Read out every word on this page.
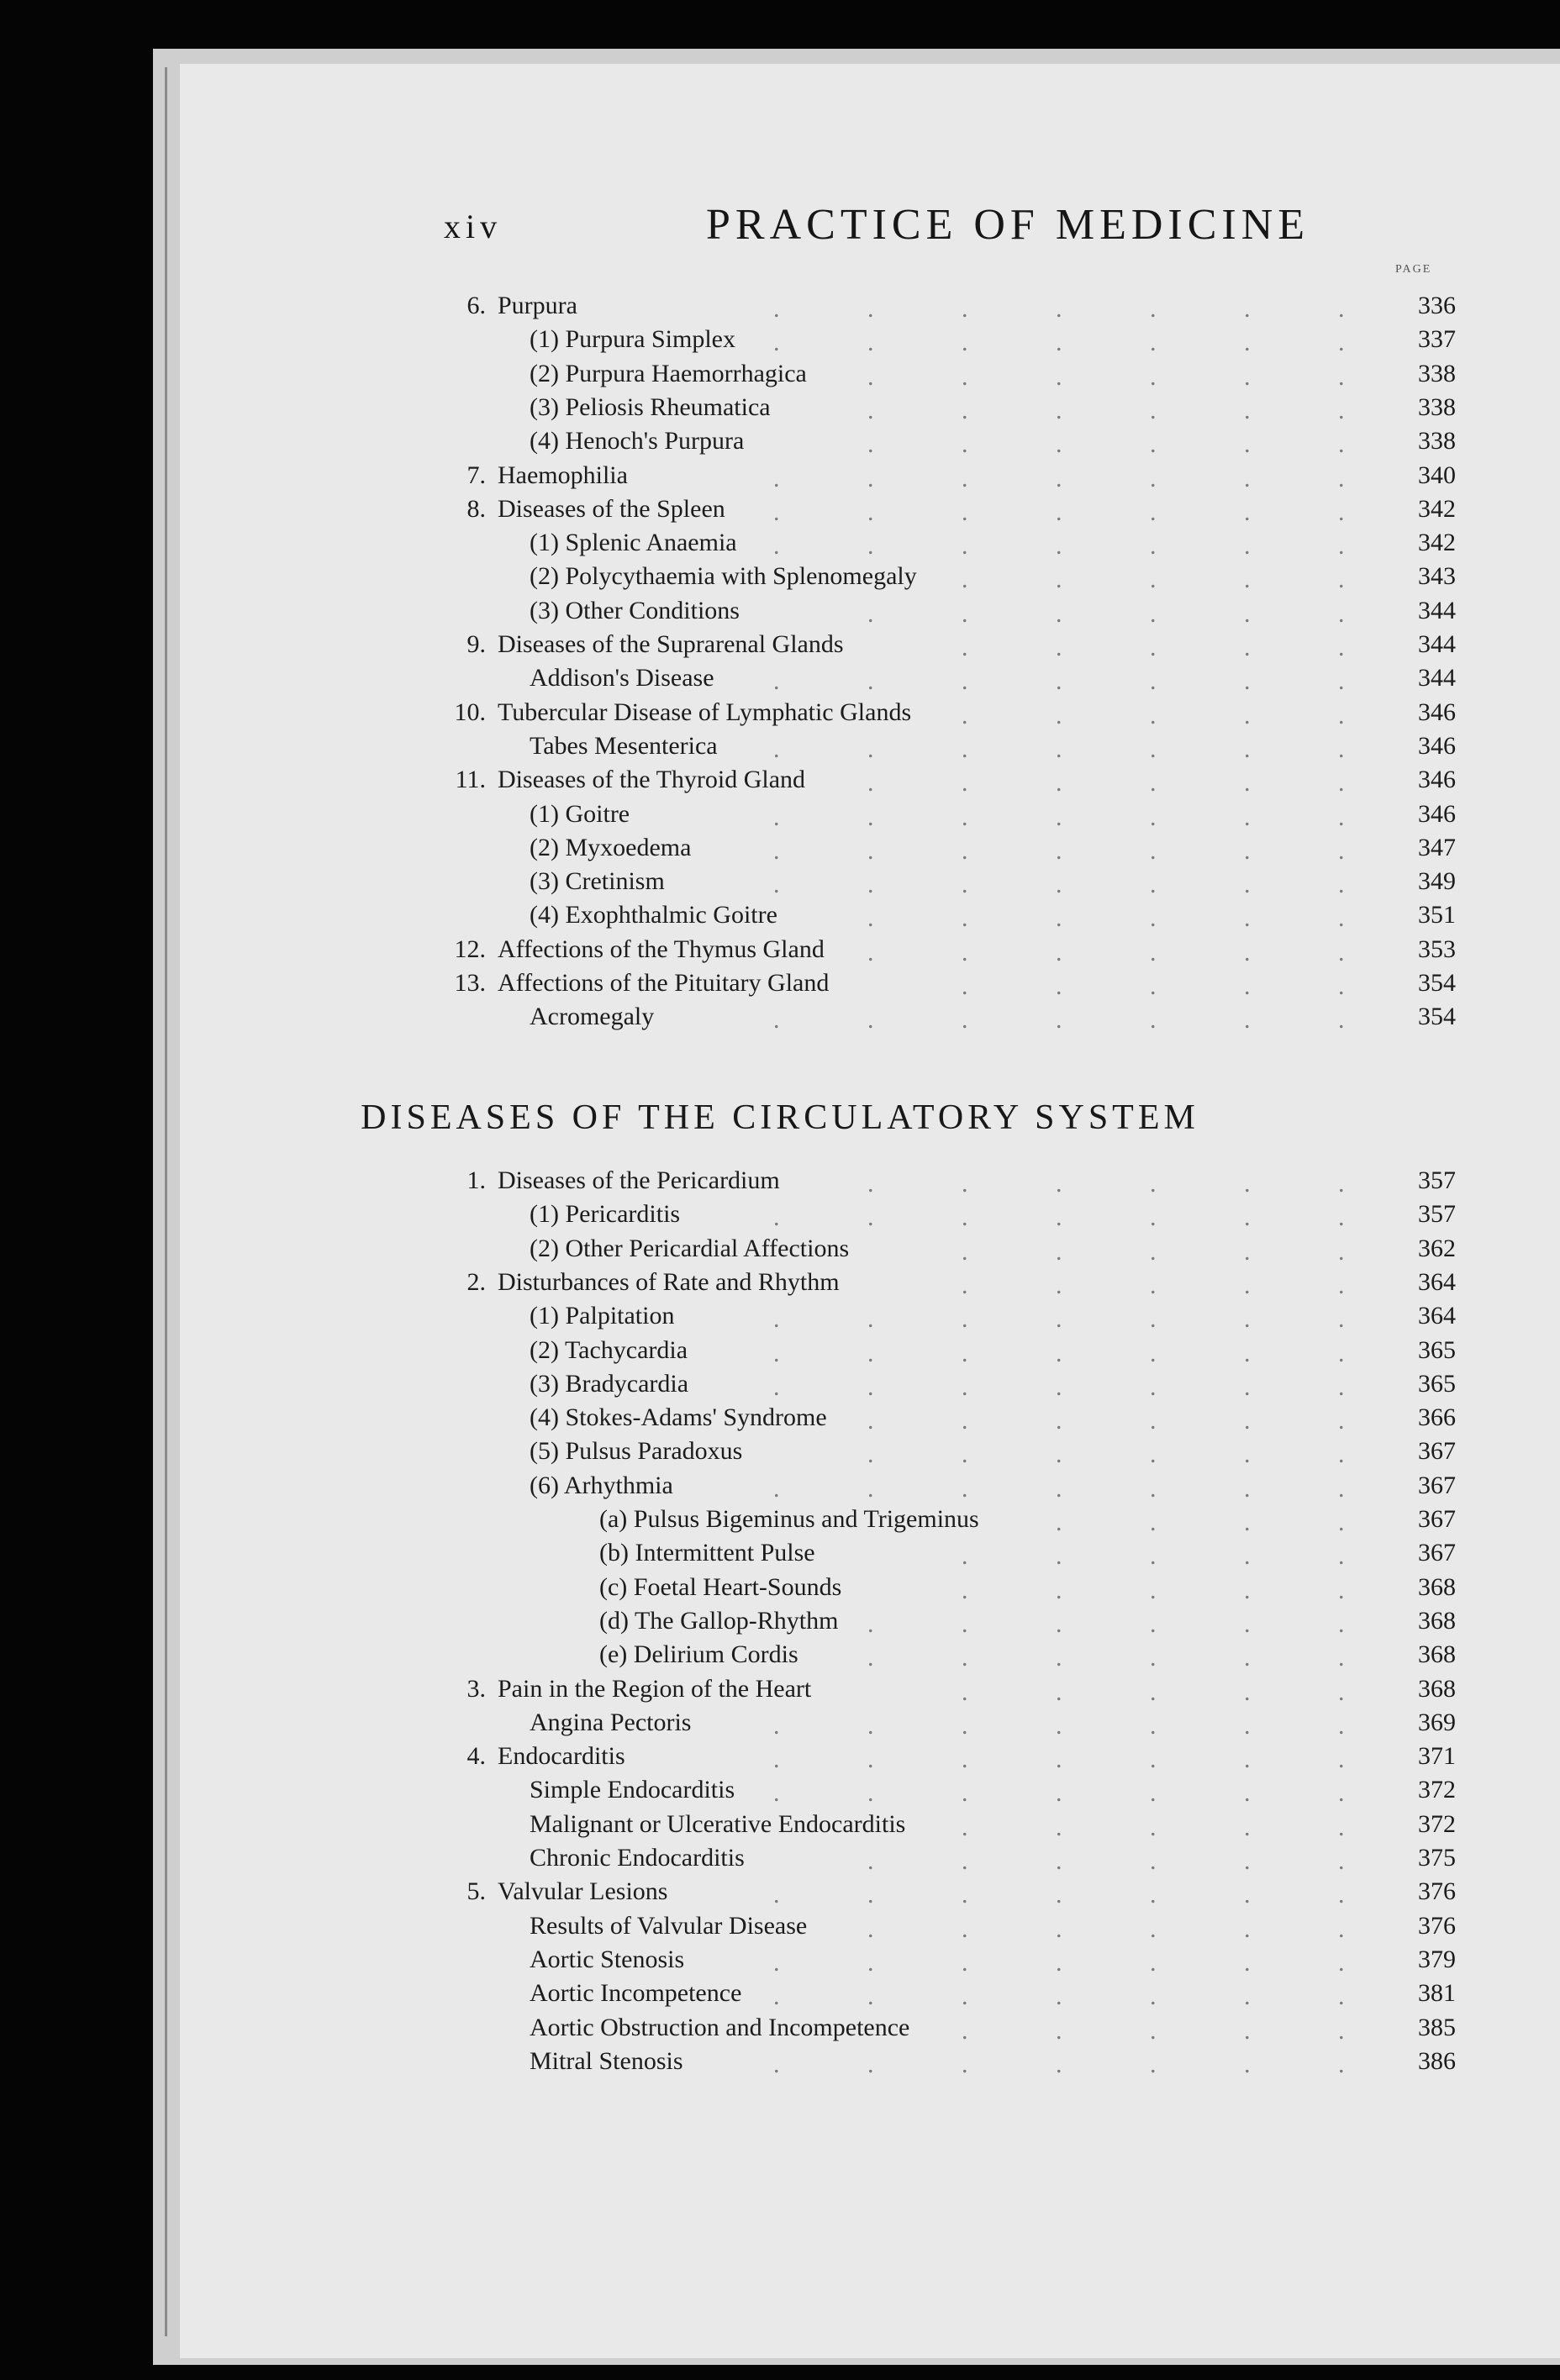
xiv	PRACTICE OF MEDICINE
PAGE
DISEASES OF THE CIRCULATORY SYSTEM
6. Purpura	336
.	.	.	.	.	.	.
(1) Purpura Simplex	337
.	.	.	.	.	.	.
(2) Purpura Haemorrhagica	338
.	.	.	.	.	.
(3) Peliosis Rheumatica	338
.	.	.	.	.	.
(4) Henoch's Purpura	338
.	.	.	.	.	.
7. Haemophilia	340
.	.	.	.	.	.	.
8. Diseases of the Spleen	342
.	.	.	.	.	.	.
(1) Splenic Anaemia	342
.	.	.	.	.	.	.
(2) Polycythaemia with Splenomegaly	343
.	.	.	.	.
(3) Other Conditions	344
.	.	.	.	.	.
9. Diseases of the Suprarenal Glands	344
.	.	.	.	.
Addison's Disease	344
.	.	.	.	.	.	.
10. Tubercular Disease of Lymphatic Glands	346
.	.	.	.	.
Tabes Mesenterica	346
.	.	.	.	.	.	.
11. Diseases of the Thyroid Gland	346
.	.	.	.	.	.
(1) Goitre	346
.	.	.	.	.	.	.
(2) Myxoedema	347
.	.	.	.	.	.	.
(3) Cretinism	349
.	.	.	.	.	.	.
(4) Exophthalmic Goitre	351
.	.	.	.	.	.
12. Affections of the Thymus Gland	353
.	.	.	.	.	.
13. Affections of the Pituitary Gland	354
.	.	.	.	.
Acromegaly	354
.	.	.	.	.	.	.
1. Diseases of the Pericardium	357
.	.	.	.	.	.
(1) Pericarditis	357
.	.	.	.	.	.	.
(2) Other Pericardial Affections	362
.	.	.	.	.
2. Disturbances of Rate and Rhythm	364
.	.	.	.	.
(1) Palpitation	364
.	.	.	.	.	.	.
(2) Tachycardia	365
.	.	.	.	.	.	.
(3) Bradycardia	365
.	.	.	.	.	.	.
(4) Stokes-Adams' Syndrome	366
.	.	.	.	.	.
(5) Pulsus Paradoxus	367
.	.	.	.	.	.
(6) Arhythmia	367
.	.	.	.	.	.	.
(a) Pulsus Bigeminus and Trigeminus	367
.	.	.	.
(b) Intermittent Pulse	367
.	.	.	.	.
(c) Foetal Heart-Sounds	368
.	.	.	.	.
(d) The Gallop-Rhythm	368
.	.	.	.	.	.
(e) Delirium Cordis	368
.	.	.	.	.	.
3. Pain in the Region of the Heart	368
.	.	.	.	.
Angina Pectoris	369
.	.	.	.	.	.	.
4. Endocarditis	371
.	.	.	.	.	.	.
Simple Endocarditis	372
.	.	.	.	.	.	.
Malignant or Ulcerative Endocarditis	372
.	.	.	.	.
Chronic Endocarditis	375
.	.	.	.	.	.
5. Valvular Lesions	376
.	.	.	.	.	.	.
Results of Valvular Disease	376
.	.	.	.	.	.
Aortic Stenosis	379
.	.	.	.	.	.	.
Aortic Incompetence	381
.	.	.	.	.	.	.
Aortic Obstruction and Incompetence	385
.	.	.	.	.
Mitral Stenosis	386
.	.	.	.	.	.	.
